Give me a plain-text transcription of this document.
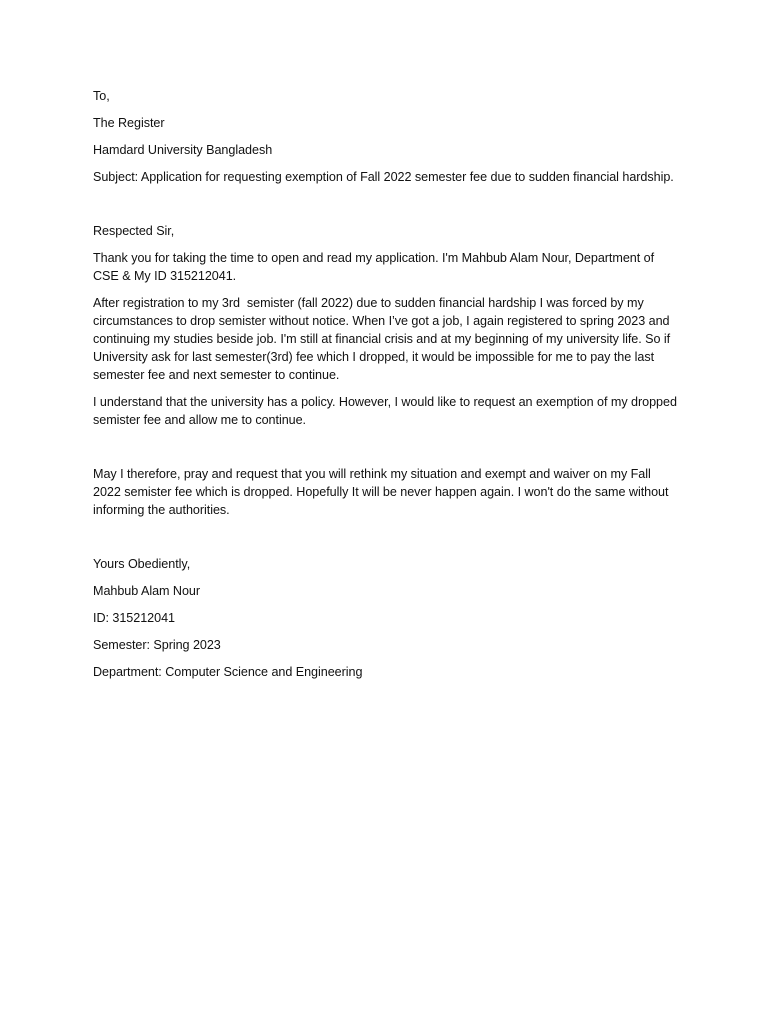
To,

The Register

Hamdard University Bangladesh

Subject: Application for requesting exemption of Fall 2022 semester fee due to sudden financial hardship.

Respected Sir,

Thank you for taking the time to open and read my application. I'm Mahbub Alam Nour, Department of CSE & My ID 315212041.

After registration to my 3rd  semister (fall 2022) due to sudden financial hardship I was forced by my circumstances to drop semister without notice. When I’ve got a job, I again registered to spring 2023 and continuing my studies beside job. I'm still at financial crisis and at my beginning of my university life. So if University ask for last semester(3rd) fee which I dropped, it would be impossible for me to pay the last semester fee and next semester to continue.

I understand that the university has a policy. However, I would like to request an exemption of my dropped semister fee and allow me to continue.

May I therefore, pray and request that you will rethink my situation and exempt and waiver on my Fall 2022 semister fee which is dropped. Hopefully It will be never happen again. I won't do the same without informing the authorities.

Yours Obediently,

Mahbub Alam Nour

ID: 315212041

Semester: Spring 2023

Department: Computer Science and Engineering
